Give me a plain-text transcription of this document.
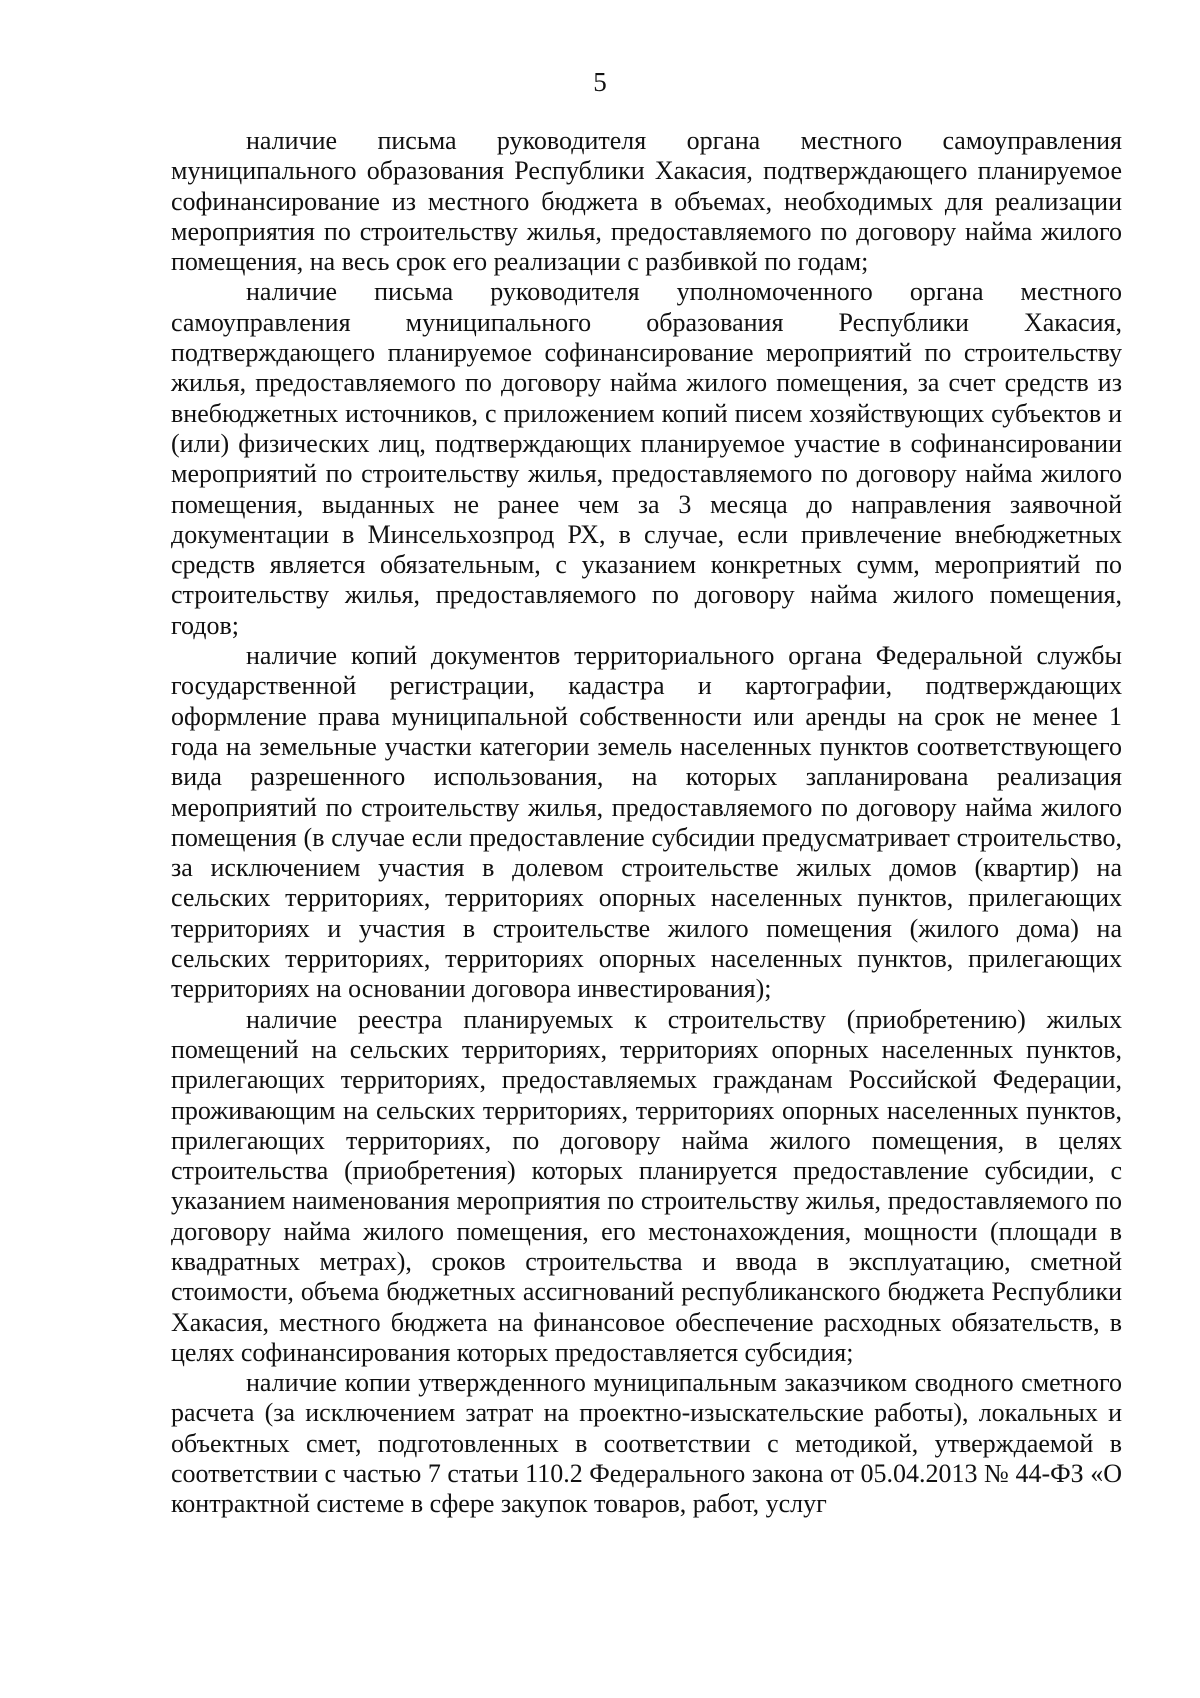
5

наличие письма руководителя органа местного самоуправления муниципального образования Республики Хакасия, подтверждающего планируемое софинансирование из местного бюджета в объемах, необходимых для реализации мероприятия по строительству жилья, предоставляемого по договору найма жилого помещения, на весь срок его реализации с разбивкой по годам;

наличие письма руководителя уполномоченного органа местного самоуправления муниципального образования Республики Хакасия, подтверждающего планируемое софинансирование мероприятий по строительству жилья, предоставляемого по договору найма жилого помещения, за счет средств из внебюджетных источников, с приложением копий писем хозяйствующих субъектов и (или) физических лиц, подтверждающих планируемое участие в софинансировании мероприятий по строительству жилья, предоставляемого по договору найма жилого помещения, выданных не ранее чем за 3 месяца до направления заявочной документации в Минсельхозпрод РХ, в случае, если привлечение внебюджетных средств является обязательным, с указанием конкретных сумм, мероприятий по строительству жилья, предоставляемого по договору найма жилого помещения, годов;

наличие копий документов территориального органа Федеральной службы государственной регистрации, кадастра и картографии, подтверждающих оформление права муниципальной собственности или аренды на срок не менее 1 года на земельные участки категории земель населенных пунктов соответствующего вида разрешенного использования, на которых запланирована реализация мероприятий по строительству жилья, предоставляемого по договору найма жилого помещения (в случае если предоставление субсидии предусматривает строительство, за исключением участия в долевом строительстве жилых домов (квартир) на сельских территориях, территориях опорных населенных пунктов, прилегающих территориях и участия в строительстве жилого помещения (жилого дома) на сельских территориях, территориях опорных населенных пунктов, прилегающих территориях на основании договора инвестирования);

наличие реестра планируемых к строительству (приобретению) жилых помещений на сельских территориях, территориях опорных населенных пунктов, прилегающих территориях, предоставляемых гражданам Российской Федерации, проживающим на сельских территориях, территориях опорных населенных пунктов, прилегающих территориях, по договору найма жилого помещения, в целях строительства (приобретения) которых планируется предоставление субсидии, с указанием наименования мероприятия по строительству жилья, предоставляемого по договору найма жилого помещения, его местонахождения, мощности (площади в квадратных метрах), сроков строительства и ввода в эксплуатацию, сметной стоимости, объема бюджетных ассигнований республиканского бюджета Республики Хакасия, местного бюджета на финансовое обеспечение расходных обязательств, в целях софинансирования которых предоставляется субсидия;

наличие копии утвержденного муниципальным заказчиком сводного сметного расчета (за исключением затрат на проектно-изыскательские работы), локальных и объектных смет, подготовленных в соответствии с методикой, утверждаемой в соответствии с частью 7 статьи 110.2 Федерального закона от 05.04.2013 № 44-ФЗ «О контрактной системе в сфере закупок товаров, работ, услуг
